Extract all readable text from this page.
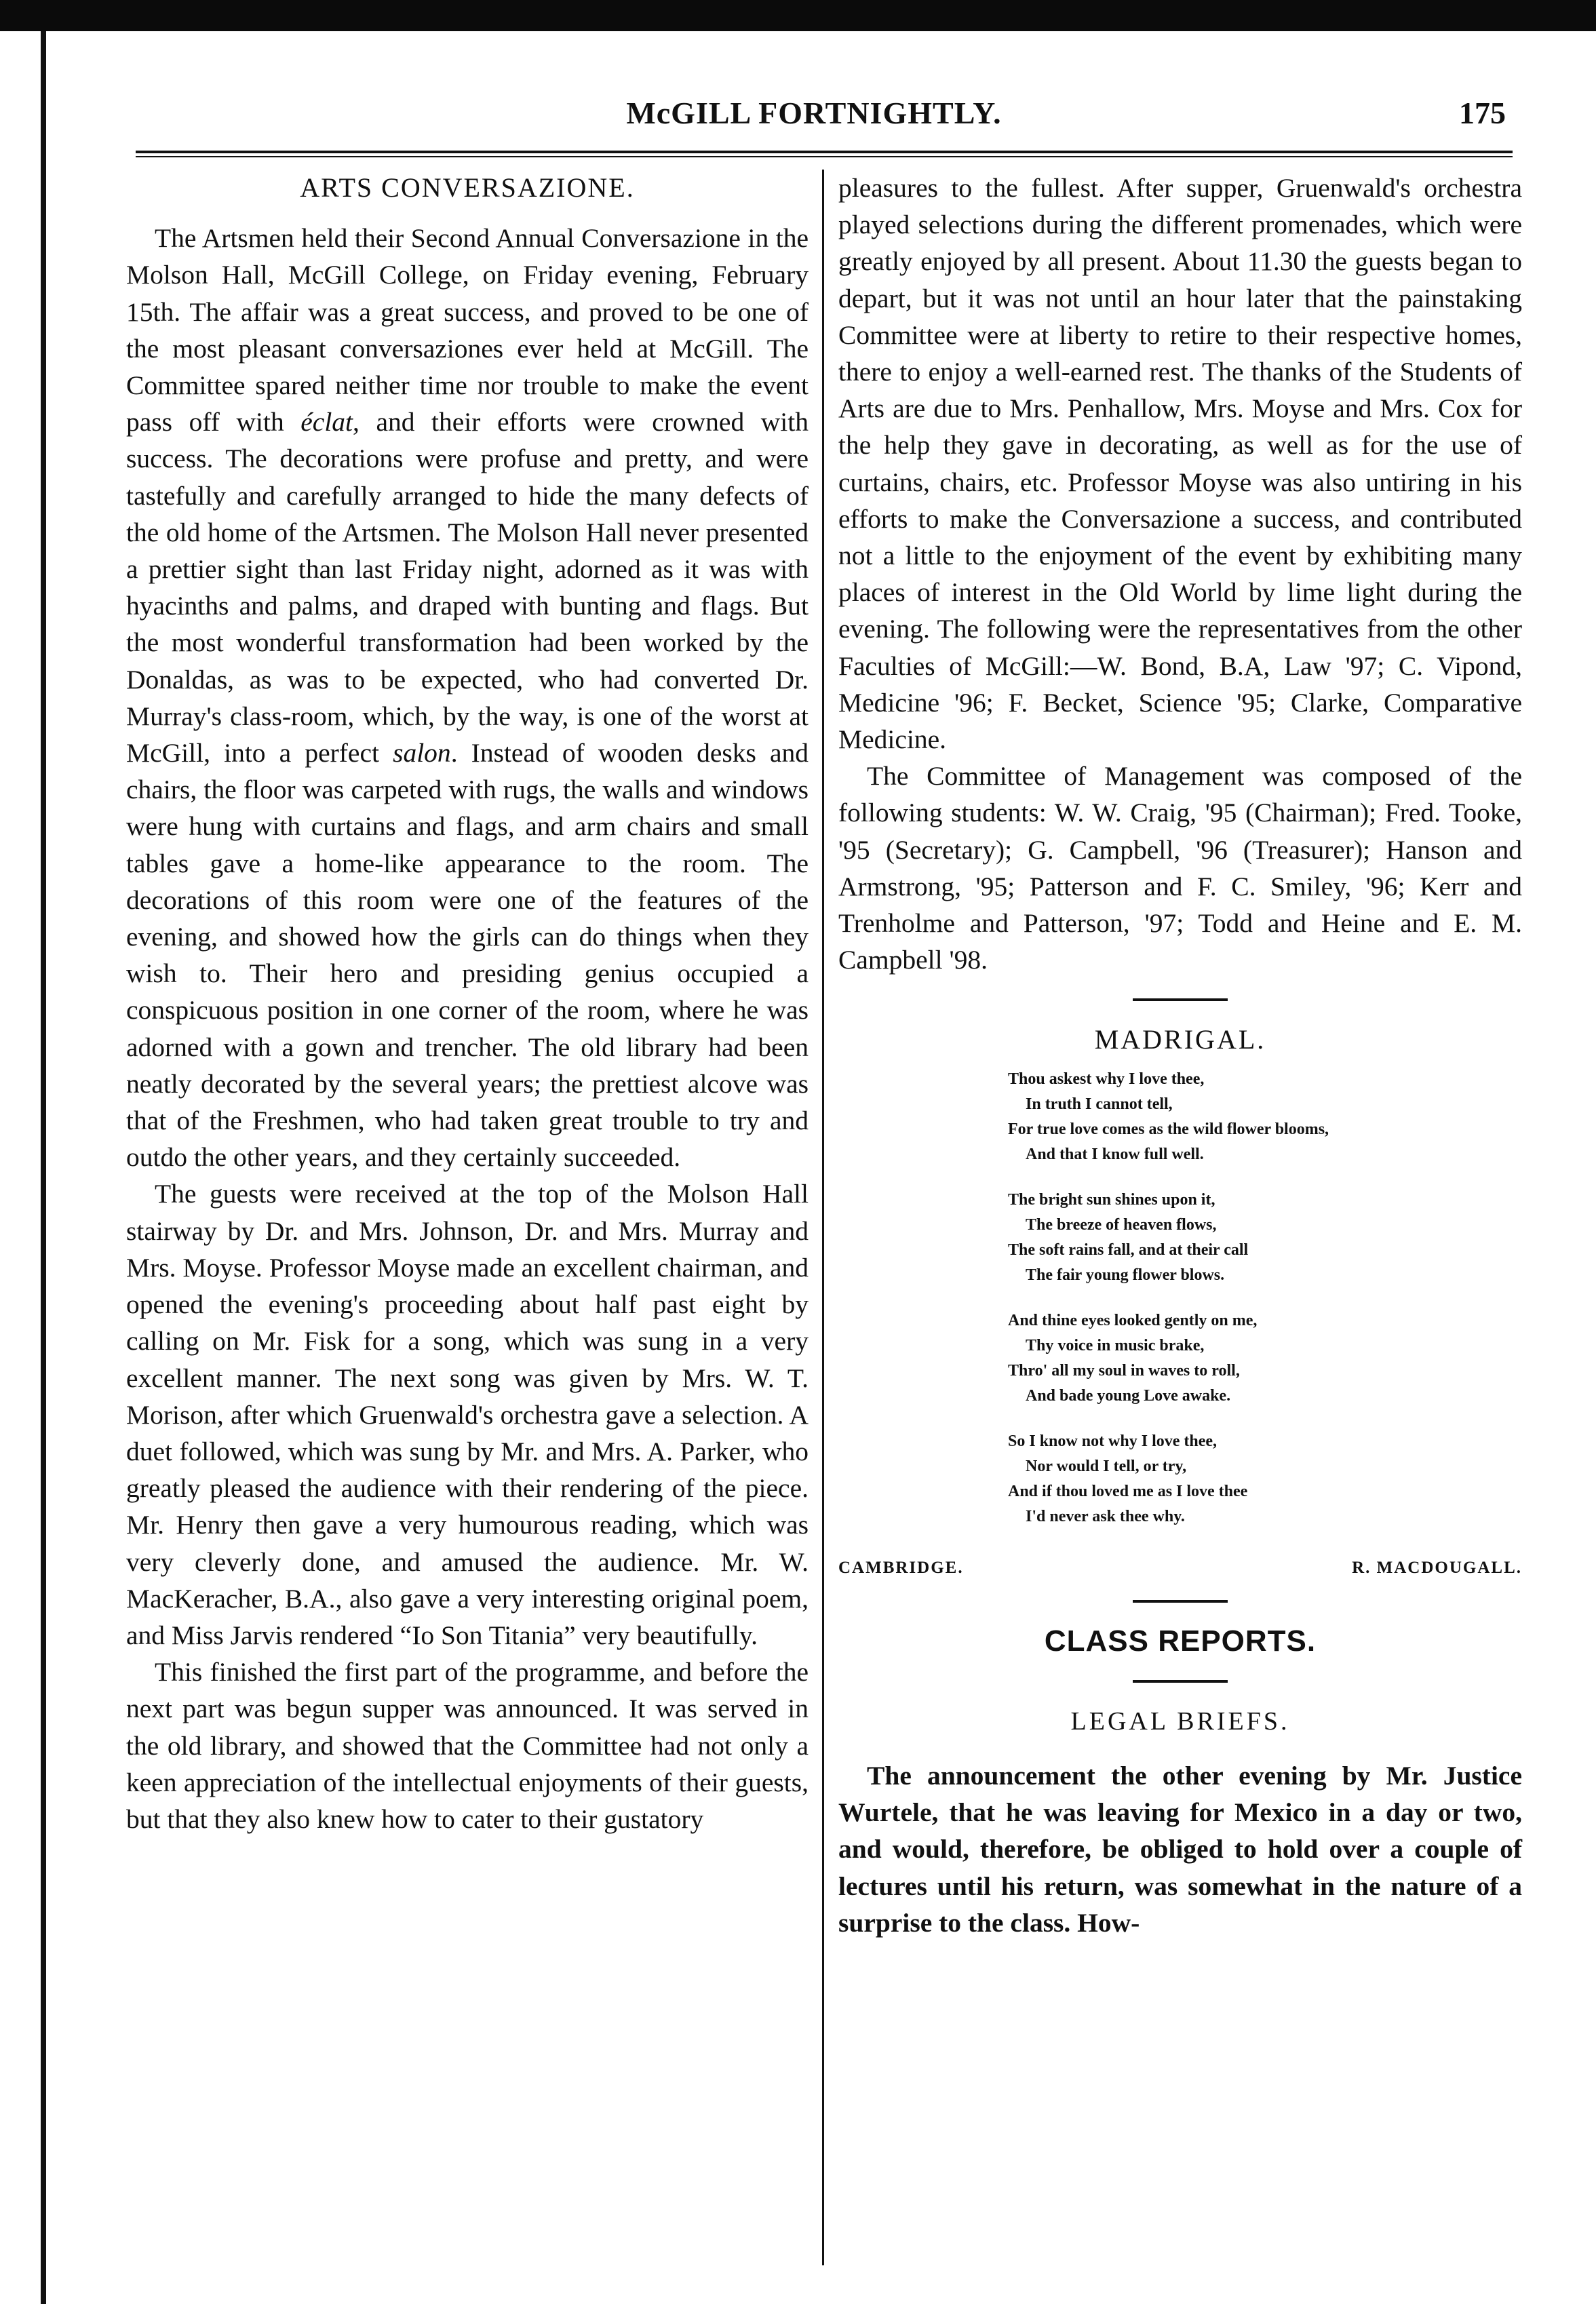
McGILL FORTNIGHTLY.	175
ARTS CONVERSAZIONE.

The Artsmen held their Second Annual Conversazione in the Molson Hall, McGill College, on Friday evening, February 15th. The affair was a great success, and proved to be one of the most pleasant conversaziones ever held at McGill. The Committee spared neither time nor trouble to make the event pass off with éclat, and their efforts were crowned with success. The decorations were profuse and pretty, and were tastefully and carefully arranged to hide the many defects of the old home of the Artsmen. The Molson Hall never presented a prettier sight than last Friday night, adorned as it was with hyacinths and palms, and draped with bunting and flags. But the most wonderful transformation had been worked by the Donaldas, as was to be expected, who had converted Dr. Murray's class-room, which, by the way, is one of the worst at McGill, into a perfect salon. Instead of wooden desks and chairs, the floor was carpeted with rugs, the walls and windows were hung with curtains and flags, and arm chairs and small tables gave a home-like appearance to the room. The decorations of this room were one of the features of the evening, and showed how the girls can do things when they wish to. Their hero and presiding genius occupied a conspicuous position in one corner of the room, where he was adorned with a gown and trencher. The old library had been neatly decorated by the several years; the prettiest alcove was that of the Freshmen, who had taken great trouble to try and outdo the other years, and they certainly succeeded.

The guests were received at the top of the Molson Hall stairway by Dr. and Mrs. Johnson, Dr. and Mrs. Murray and Mrs. Moyse. Professor Moyse made an excellent chairman, and opened the evening's proceeding about half past eight by calling on Mr. Fisk for a song, which was sung in a very excellent manner. The next song was given by Mrs. W. T. Morison, after which Gruenwald's orchestra gave a selection. A duet followed, which was sung by Mr. and Mrs. A. Parker, who greatly pleased the audience with their rendering of the piece. Mr. Henry then gave a very humourous reading, which was very cleverly done, and amused the audience. Mr. W. MacKeracher, B.A., also gave a very interesting original poem, and Miss Jarvis rendered “Io Son Titania” very beautifully.

This finished the first part of the programme, and before the next part was begun supper was announced. It was served in the old library, and showed that the Committee had not only a keen appreciation of the intellectual enjoyments of their guests, but that they also knew how to cater to their gustatory

pleasures to the fullest. After supper, Gruenwald's orchestra played selections during the different promenades, which were greatly enjoyed by all present. About 11.30 the guests began to depart, but it was not until an hour later that the painstaking Committee were at liberty to retire to their respective homes, there to enjoy a well-earned rest. The thanks of the Students of Arts are due to Mrs. Penhallow, Mrs. Moyse and Mrs. Cox for the help they gave in decorating, as well as for the use of curtains, chairs, etc. Professor Moyse was also untiring in his efforts to make the Conversazione a success, and contributed not a little to the enjoyment of the event by exhibiting many places of interest in the Old World by lime light during the evening. The following were the representatives from the other Faculties of McGill:—W. Bond, B.A, Law '97; C. Vipond, Medicine '96; F. Becket, Science '95; Clarke, Comparative Medicine.

The Committee of Management was composed of the following students: W. W. Craig, '95 (Chairman); Fred. Tooke, '95 (Secretary); G. Campbell, '96 (Treasurer); Hanson and Armstrong, '95; Patterson and F. C. Smiley, '96; Kerr and Trenholme and Patterson, '97; Todd and Heine and E. M. Campbell '98.

MADRIGAL.
Thou askest why I love thee,
In truth I cannot tell,
For true love comes as the wild flower blooms,
And that I know full well.
The bright sun shines upon it,
The breeze of heaven flows,
The soft rains fall, and at their call
The fair young flower blows.
And thine eyes looked gently on me,
Thy voice in music brake,
Thro' all my soul in waves to roll,
And bade young Love awake.
So I know not why I love thee,
Nor would I tell, or try,
And if thou loved me as I love thee
I'd never ask thee why.
CAMBRIDGE.	R. MACDOUGALL.
CLASS REPORTS.
LEGAL BRIEFS.

The announcement the other evening by Mr. Justice Wurtele, that he was leaving for Mexico in a day or two, and would, therefore, be obliged to hold over a couple of lectures until his return, was somewhat in the nature of a surprise to the class. How-
